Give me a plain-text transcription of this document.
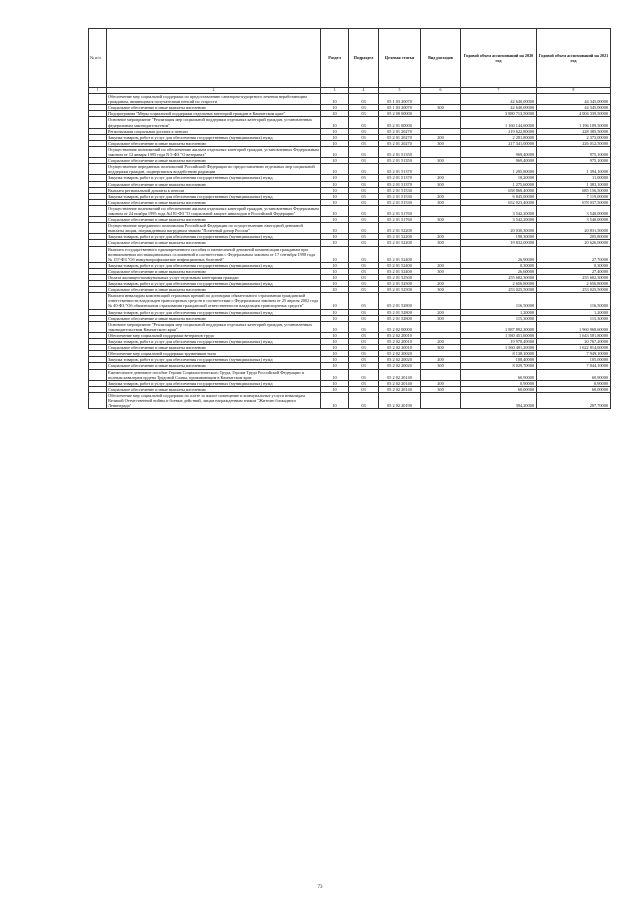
№ п/п		Раздел	Подраздел	Целевая статья	Вид расходов	Годовой объем ассигнований на 2020 год	Годовой объем ассигнований на 2021 год
1	2	3	4	5	6	7	8
	Обеспечение мер социальной поддержки по предоставлению санаторно-курортного лечения неработающим гражданам, являющимся получателями пенсий по старости	10	03	05 1 03 20070		42 640,00000	44 345,00000
	Социальное обеспечение и иные выплаты населению	10	03	05 1 03 20070	300	42 640,00000	44 345,00000
	Подпрограмма "Меры социальной поддержки отдельных категорий граждан в Камчатском крае"	10	03	05 2 00 00000		3 880 713,50000	4 004 339,50000
	Основное мероприятие "Реализация мер социальной поддержки отдельных категорий граждан, установленных федеральным законодательством"	10	03	05 2 01 00000		1 160 144,60000	1 196 109,50000
	Региональная социальная доплата к пенсии	10	03	05 2 01 20270		219 622,80000	228 385,50000
	Закупка товаров, работ и услуг для обеспечения государственных (муниципальных) нужд	10	03	05 2 01 20270	200	2 281,80000	2 373,00000
	Социальное обеспечение и иные выплаты населению	10	03	05 2 01 20270	300	217 341,00000	226 012,50000
	Осуществление полномочий по обеспечению жильем отдельных категорий граждан, установленных Федеральным законом от 12 января 1995 года N 5-ФЗ "О ветеранах"	10	03	05 2 01 51350		969,40000	975,10000
	Социальное обеспечение и иные выплаты населению	10	03	05 2 01 51350	300	969,40000	975,10000
	Осуществление переданных полномочий Российской Федерации по предоставлению отдельных мер социальной поддержки граждан, подвергшихся воздействию радиации	10	03	05 2 01 51370		1 285,80000	1 394,10000
	Закупка товаров, работ и услуг для обеспечения государственных (муниципальных) нужд	10	03	05 2 01 51370	200	10,20000	11,00000
	Социальное обеспечение и иные выплаты населению	10	03	05 2 01 51370	300	1 275,60000	1 383,10000
	Выплата региональной доплаты к пенсии	10	03	05 2 01 51530		658 868,40000	685 156,50000
	Закупка товаров, работ и услуг для обеспечения государственных (муниципальных) нужд	10	03	05 2 01 51530	200	6 845,00000	7 119,00000
	Социальное обеспечение и иные выплаты населению	10	03	05 2 01 51530	300	652 023,40000	678 037,50000
	Осуществление полномочий по обеспечению жильем отдельных категорий граждан, установленных Федеральным законом от 24 ноября 1995 года №181-ФЗ "О социальной защите инвалидов в Российской Федерации"	10	03	05 2 01 51760		3 542,20000	3 540,00000
	Социальное обеспечение и иные выплаты населению	10	03	05 2 01 51760	300	3 542,20000	3 540,00000
	Осуществление переданного полномочия Российской Федерации по осуществлению ежегодной денежной выплаты лицам, награжденным нагрудным знаком "Почетный донор России"	10	03	05 2 01 52200		20 030,30000	20 831,50000
	Закупка товаров, работ и услуг для обеспечения государственных (муниципальных) нужд	10	03	05 2 01 52200	200	198,30000	205,80000
	Социальное обеспечение и иные выплаты населению	10	03	05 2 01 52200	300	19 832,00000	20 626,00000
	Выплата государственного единовременного пособия и ежемесячной денежной компенсации гражданам при возникновении поствакцинальных осложнений в соответствии с Федеральным законом от 17 сентября 1998 года № 157-ФЗ "Об иммунопрофилактике инфекционных болезней"	10	03	05 2 01 52400		26,90000	27,70000
	Закупка товаров, работ и услуг для обеспечения государственных (муниципальных) нужд	10	03	05 2 01 52400	200	0,30000	0,30000
	Социальное обеспечение и иные выплаты населению	10	03	05 2 01 52400	300	26,60000	27,40000
	Оплата жилищно-коммунальных услуг отдельным категориям граждан	10	03	05 2 01 52500		255 682,30000	255 682,30000
	Закупка товаров, работ и услуг для обеспечения государственных (муниципальных) нужд	10	03	05 2 01 52500	200	2 656,80000	2 656,80000
	Социальное обеспечение и иные выплаты населению	10	03	05 2 01 52500	300	253 025,50000	253 025,50000
	Выплата инвалидам компенсаций страховых премий по договорам обязательного страхования гражданской ответственности владельцев транспортных средств в соответствии с Федеральным законом от 25 апреля 2002 года № 40-ФЗ "Об обязательном страховании гражданской ответственности владельцев транспортных средств"	10	03	05 2 01 52800		116,50000	116,50000
	Закупка товаров, работ и услуг для обеспечения государственных (муниципальных) нужд	10	03	05 2 01 52800	200	1,20000	1,20000
	Социальное обеспечение и иные выплаты населению	10	03	05 2 01 52800	300	115,30000	115,30000
	Основное мероприятие "Реализация мер социальной поддержки отдельных категорий граждан, установленных законодательством Камчатского края"	10	03	05 2 02 00000		1 887 892,30000	1 960 968,60000
	Обеспечение мер социальной поддержки ветеранов труда	10	03	05 2 02 20010		1 580 451,60000	1 643 581,80000
	Закупка товаров, работ и услуг для обеспечения государственных (муниципальных) нужд	10	03	05 2 02 20010	200	19 970,40000	20 767,20000
	Социальное обеспечение и иные выплаты населению	10	03	05 2 02 20010	300	1 560 481,20000	1 622 814,60000
	Обеспечение мер социальной поддержки тружеников тыла	10	03	05 2 02 20020		8 138,10000	7 949,10000
	Закупка товаров, работ и услуг для обеспечения государственных (муниципальных) нужд	10	03	05 2 02 20020	200	108,40000	105,00000
	Социальное обеспечение и иные выплаты населению	10	03	05 2 02 20020	300	8 029,70000	7 844,10000
	Ежемесячное денежное пособие Героям Социалистического Труда, Героям Труда Российской Федерации и полным кавалерам ордена Трудовой Славы, проживающим в Камчатском крае	10	03	05 2 02 20140		60,90000	60,90000
	Закупка товаров, работ и услуг для обеспечения государственных (муниципальных) нужд	10	03	05 2 02 20140	200	0,90000	0,90000
	Социальное обеспечение и иные выплаты населению	10	03	05 2 02 20140	300	60,00000	60,00000
	Обеспечение мер социальной поддержки по плате за жилое помещение и коммунальные услуги инвалидам Великой Отечественной войны и боевых действий, лицам награжденным знаком "Жителю блокадного Ленинграда"	10	03	05 2 02 20190		394,20000	287,70000
73
